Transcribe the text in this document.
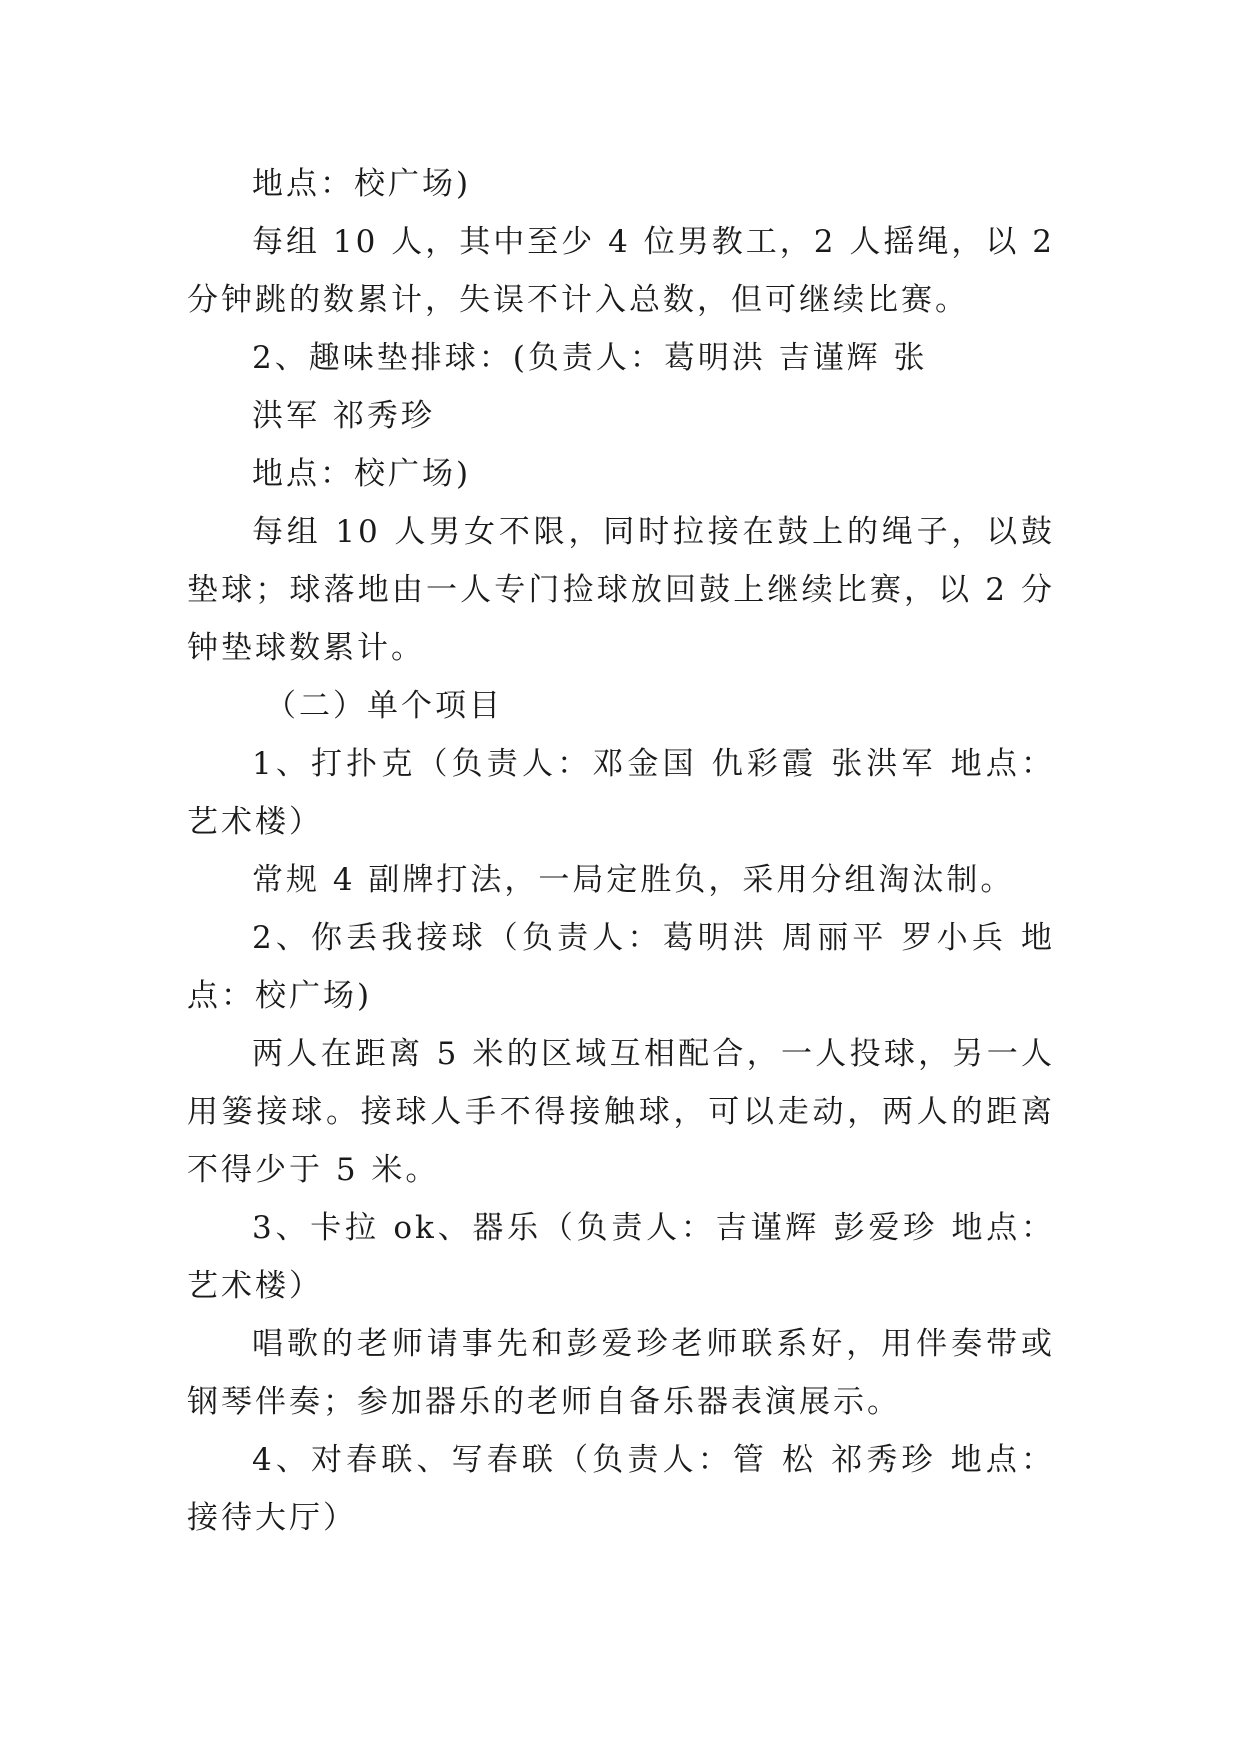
地点：校广场)

每组 10 人，其中至少 4 位男教工，2 人摇绳，以 2 分钟跳的数累计，失误不计入总数，但可继续比赛。

2、趣味垫排球：(负责人：葛明洪 吉谨辉 张

洪军 祁秀珍

地点：校广场)

每组 10 人男女不限，同时拉接在鼓上的绳子，以鼓垫球；球落地由一人专门捡球放回鼓上继续比赛，以 2 分钟垫球数累计。

（二）单个项目

1、打扑克（负责人：邓金国 仇彩霞 张洪军 地点：艺术楼）

常规 4 副牌打法，一局定胜负，采用分组淘汰制。

2、你丢我接球（负责人：葛明洪 周丽平 罗小兵 地点：校广场)

两人在距离 5 米的区域互相配合，一人投球，另一人用篓接球。接球人手不得接触球，可以走动，两人的距离不得少于 5 米。

3、卡拉 ok、器乐（负责人：吉谨辉 彭爱珍 地点：艺术楼）

唱歌的老师请事先和彭爱珍老师联系好，用伴奏带或钢琴伴奏；参加器乐的老师自备乐器表演展示。

4、对春联、写春联（负责人：管 松 祁秀珍 地点：接待大厅）
